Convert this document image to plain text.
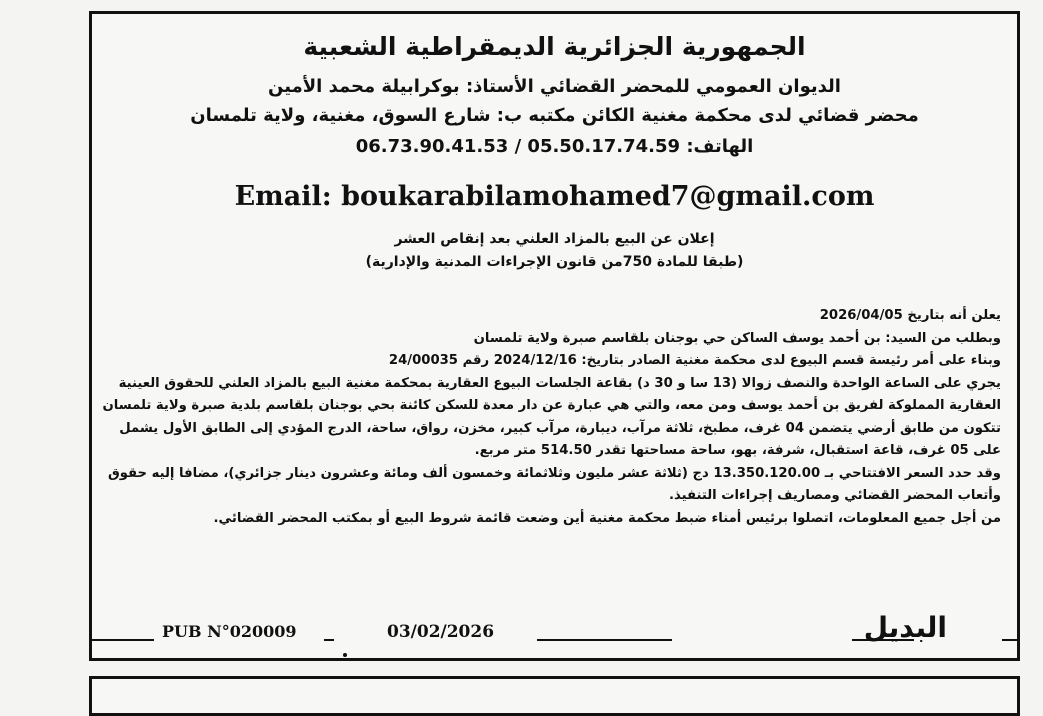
الجمهورية الجزائرية الديمقراطية الشعبية
الديوان العمومي للمحضر القضائي الأستاذ: بوكرابيلة محمد الأمين
محضر قضائي لدى محكمة مغنية الكائن مكتبه ب: شارع السوق، مغنية، ولاية تلمسان
الهاتف: 06.73.90.41.53 / 05.50.17.74.59
Email: boukarabilamohamed7@gmail.com
إعلان عن البيع بالمزاد العلني بعد إنقاص العشر
(طبقا للمادة 750من قانون الإجراءات المدنية والإدارية)

يعلن أنه بتاريخ 2026/04/05

وبطلب من السيد: بن أحمد يوسف الساكن حي بوجنان بلقاسم صبرة ولاية تلمسان

وبناء على أمر رئيسة قسم البيوع لدى محكمة مغنية الصادر بتاريخ: 2024/12/16 رقم 24/00035

يجري على الساعة الواحدة والنصف زوالا (13 سا و 30 د) بقاعة الجلسات البيوع العقارية بمحكمة مغنية البيع بالمزاد العلني للحقوق العينية العقارية المملوكة لفريق بن أحمد يوسف ومن معه، والتي هي عبارة عن دار معدة للسكن كائنة بحي بوجنان بلقاسم بلدية صبرة ولاية تلمسان تتكون من طابق أرضي يتضمن 04 غرف، مطبخ، ثلاثة مرآب، ديبارة، مرآب كبير، مخزن، رواق، ساحة، الدرج المؤدي إلى الطابق الأول يشمل على 05 غرف، قاعة استقبال، شرفة، بهو، ساحة مساحتها تقدر 514.50 متر مربع.

وقد حدد السعر الافتتاحي بـ 13.350.120.00 دج (ثلاثة عشر مليون وثلاثمائة وخمسون ألف ومائة وعشرون دينار جزائري)، مضافا إليه حقوق وأتعاب المحضر القضائي ومصاريف إجراءات التنفيذ.

من أجل جميع المعلومات، اتصلوا برئيس أمناء ضبط محكمة مغنية أين وضعت قائمة شروط البيع أو بمكتب المحضر القضائي.

PUB N°020009	03/02/2026	البديل
